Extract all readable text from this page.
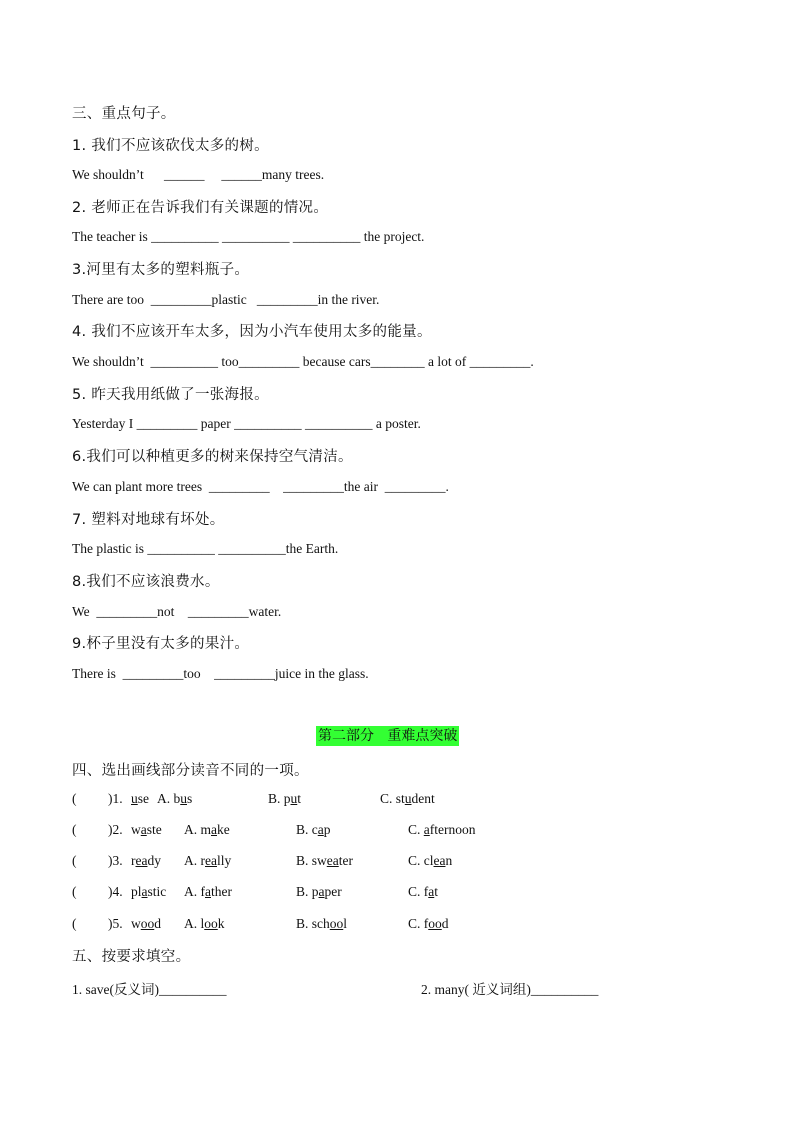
三、重点句子。
1. 我们不应该砍伐太多的树。
We shouldn’t      ______     ______many trees.
2. 老师正在告诉我们有关课题的情况。
The teacher is __________ __________ __________ the project.
3.河里有太多的塑料瓶子。
There are too  _________plastic   _________in the river.
4. 我们不应该开车太多，因为小汽车使用太多的能量。
We shouldn’t  __________ too_________ because cars________ a lot of _________.
5. 昨天我用纸做了一张海报。
Yesterday I _________ paper __________ __________ a poster.
6.我们可以种植更多的树来保持空气清洁。
We can plant more trees  _________    _________the air  _________.
7. 塑料对地球有坏处。
The plastic is __________ __________the Earth.
8.我们不应该浪费水。
We  _________not    _________water.
9.杯子里没有太多的果汁。
There is  _________too    _________juice in the glass.
第二部分   重难点突破
四、选出画线部分读音不同的一项。
( )1. use A. bus	B. put	C. student
( )2. waste A. make	B. cap	C. afternoon
( )3. ready A. really	B. sweater	C. clean
( )4. plastic A. father	B. paper	C. fat
( )5. wood A. look	B. school	C. food
五、按要求填空。
1. save(反义词)__________	2. many( 近义词组)__________
